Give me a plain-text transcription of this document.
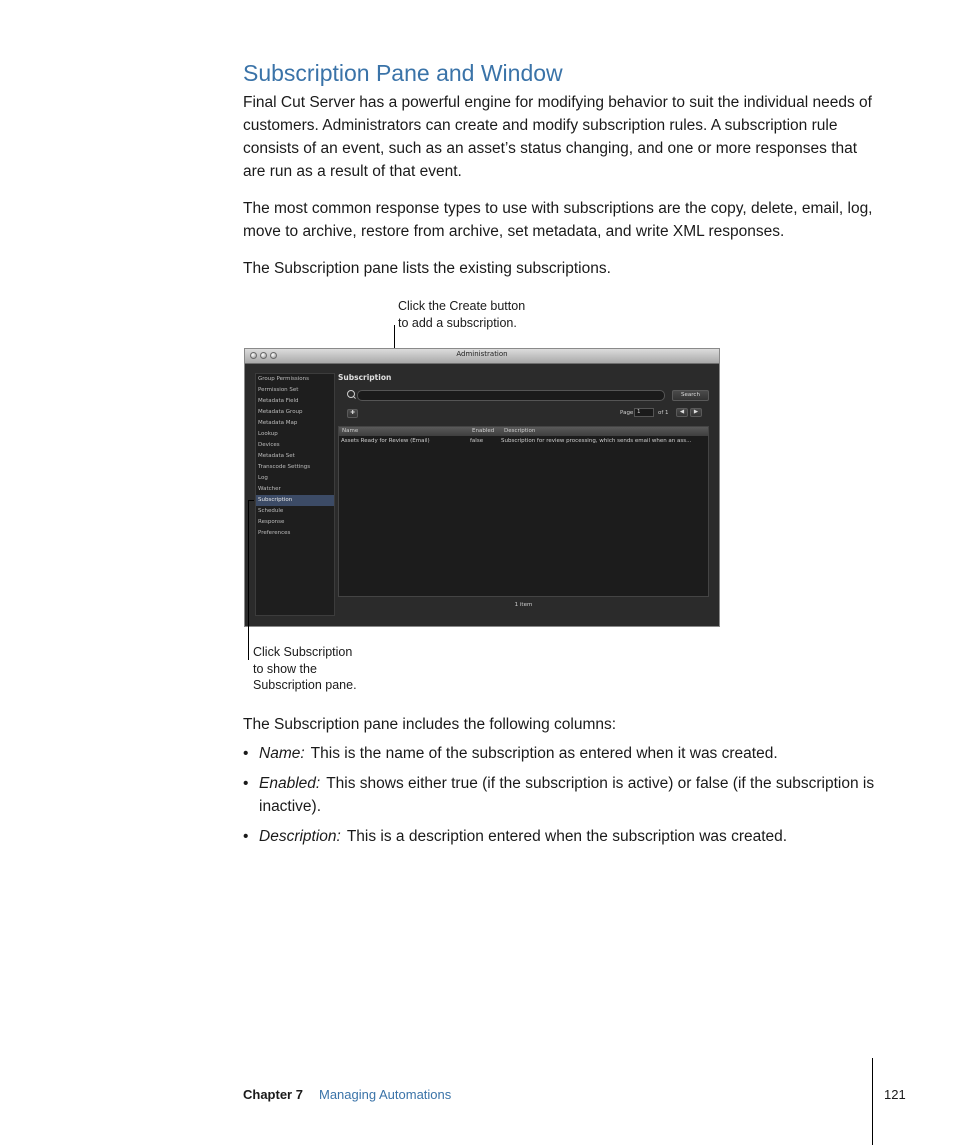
Subscription Pane and Window

Final Cut Server has a powerful engine for modifying behavior to suit the individual needs of customers. Administrators can create and modify subscription rules. A subscription rule consists of an event, such as an asset’s status changing, and one or more responses that are run as a result of that event.

The most common response types to use with subscriptions are the copy, delete, email, log, move to archive, restore from archive, set metadata, and write XML responses.

The Subscription pane lists the existing subscriptions.

Click the Create button
to add a subscription.
Administration
Group Permissions
Permission Set
Metadata Field
Metadata Group
Metadata Map
Lookup
Devices
Metadata Set
Transcode Settings
Log
Watcher
Subscription
Schedule
Response
Preferences
Subscription
Search
✚	Page 1	of 1	◀	▶
Name	Enabled Description
Assets Ready for Review (Email)	false	Subscription for review processing, which sends email when an ass...
1 item
Click Subscription
to show the
Subscription pane.

The Subscription pane includes the following columns:

• Name: This is the name of the subscription as entered when it was created.
• Enabled: This shows either true (if the subscription is active) or false (if the subscription is inactive).
• Description: This is a description entered when the subscription was created.
Chapter 7 Managing Automations	121
